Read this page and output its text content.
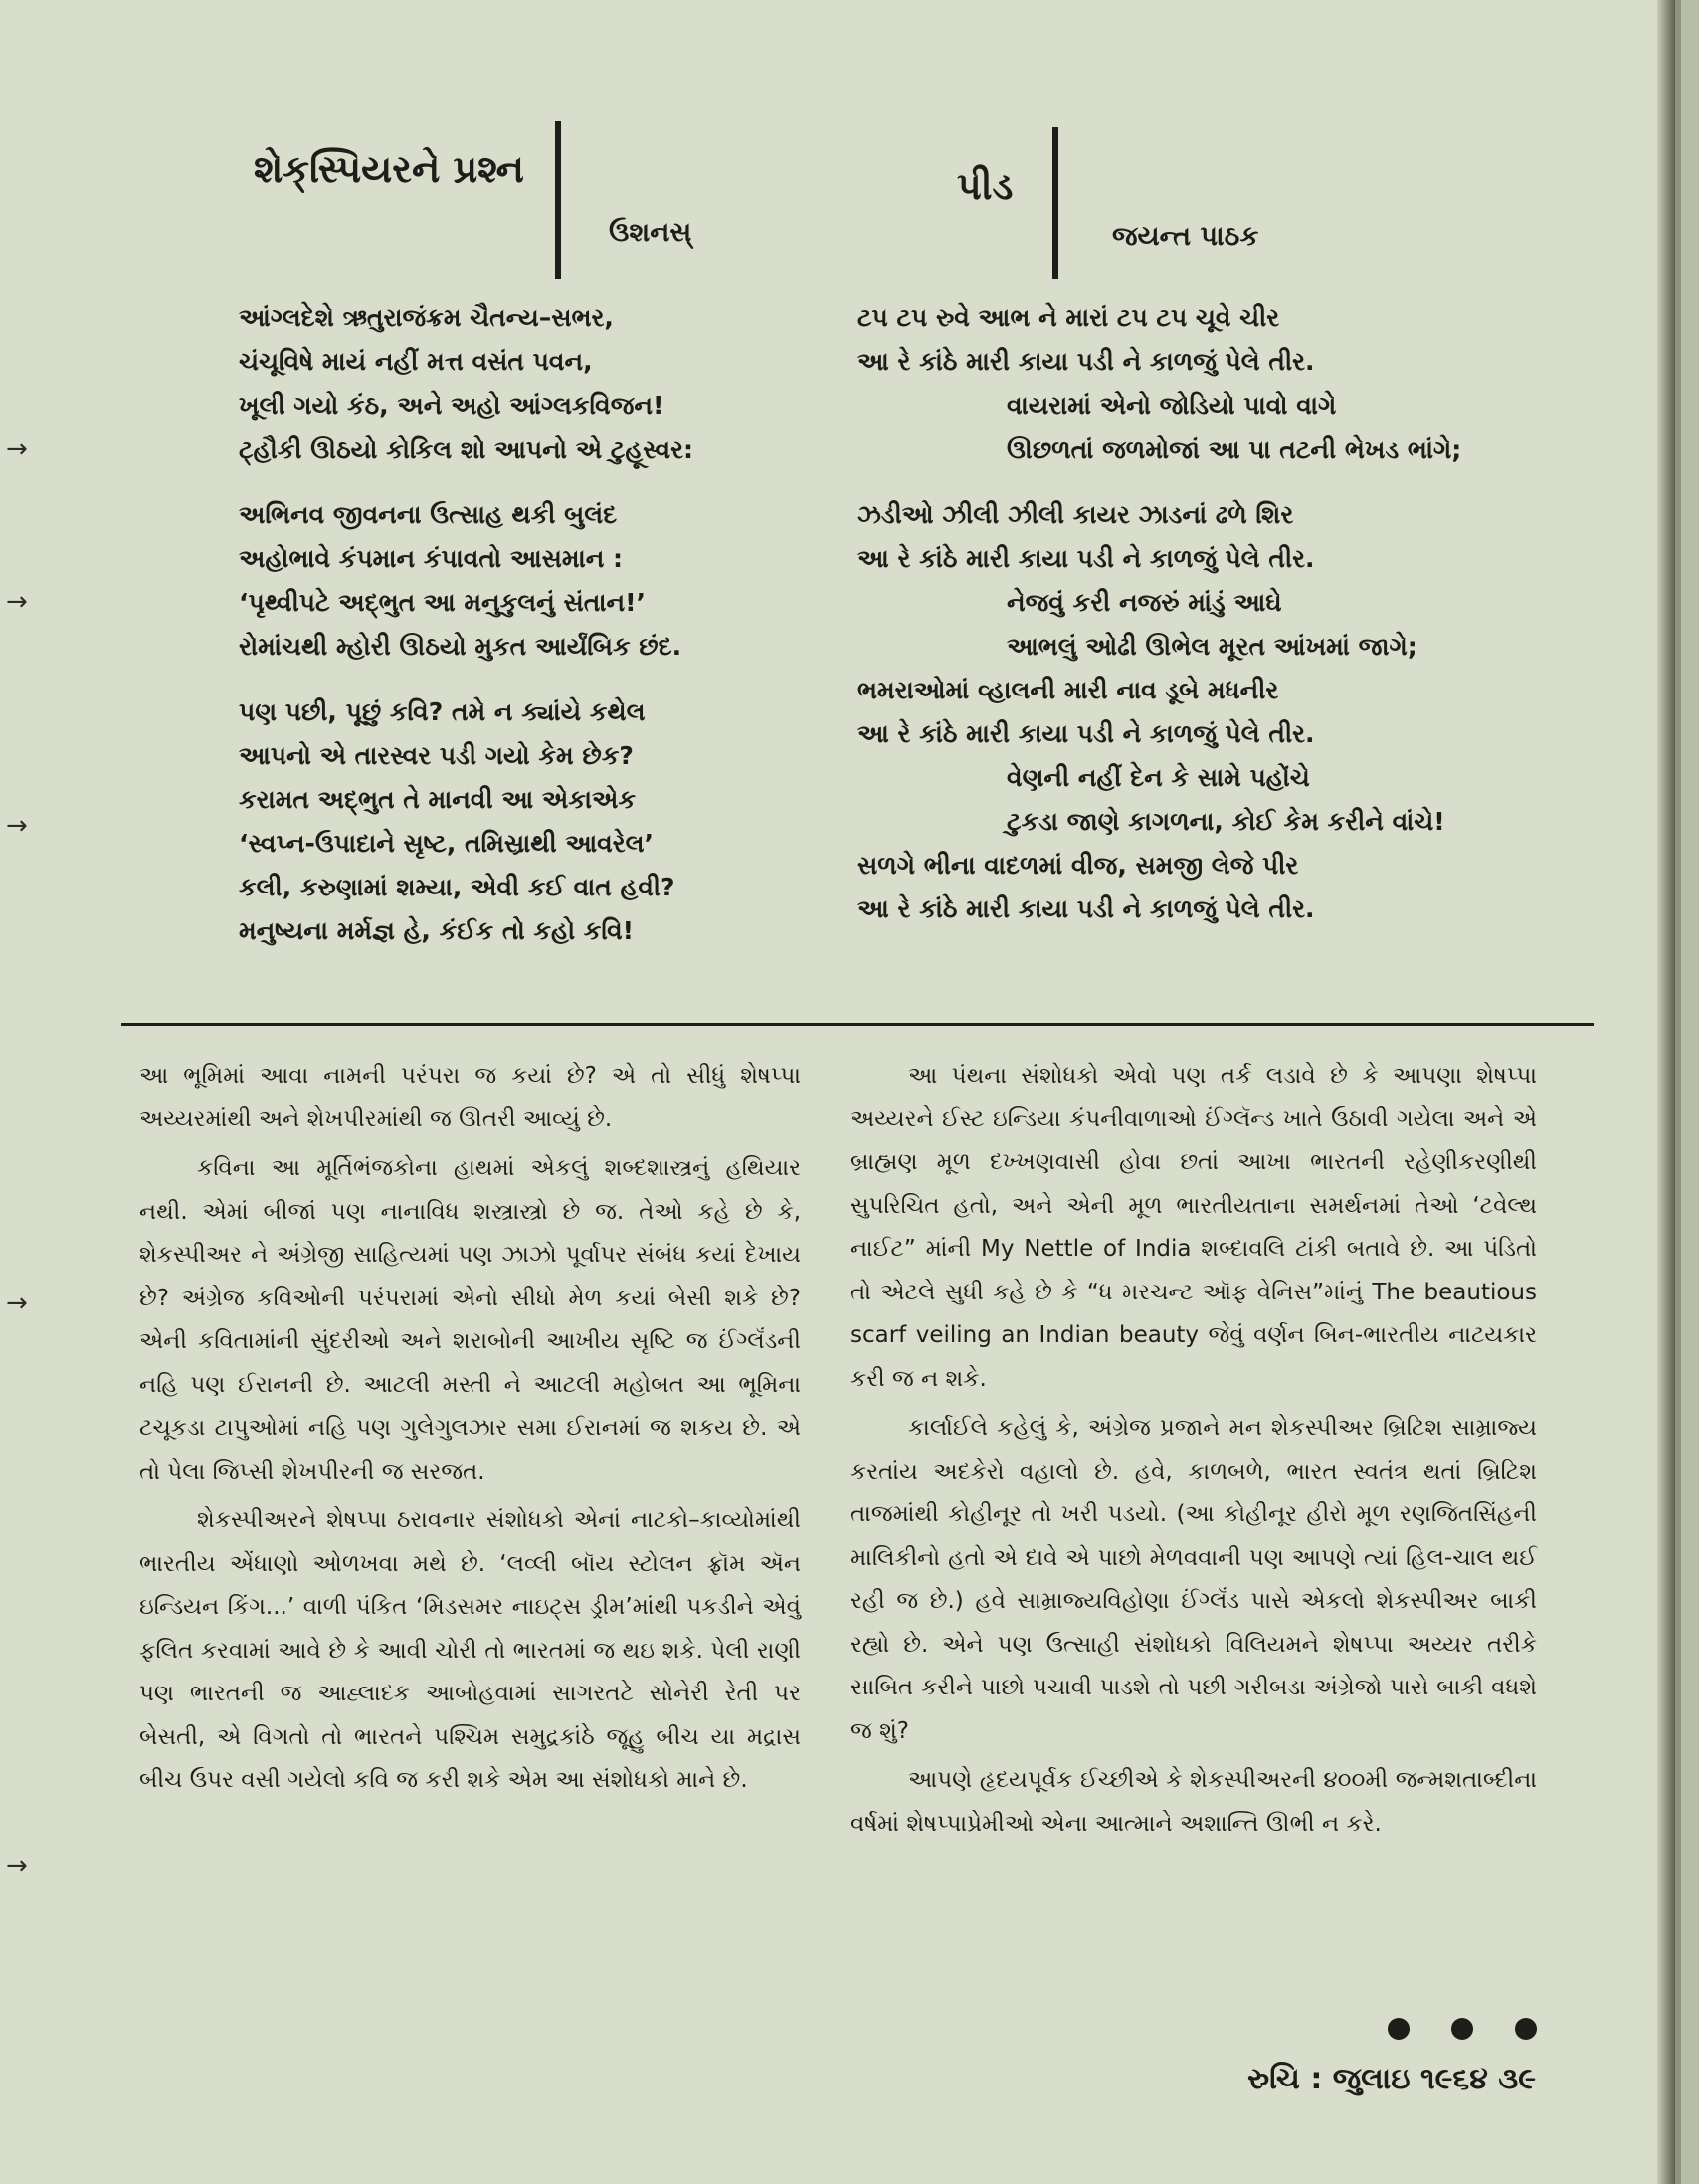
→
→
→
→
→
શેક્‌સ્પિયરને પ્રશ્ન
ઉશનસ્‌
પીડ
જયન્ત પાઠક
આંગ્લદેશે ઋતુરાજંક્રમ ચૈતન્ય–સભર,
ચંચૂવિષે માયં નહીં મત્ત વસંત પવન,
ખૂલી ગયો કંઠ, અને અહો આંગ્લકવિજન!
ટ્હૌકી ઊઠયો કોકિલ શો આપનો એ ટુહૂસ્વર:
અભિનવ જીવનના ઉત્સાહ થકી બુલંદ
અહોભાવે કંપમાન કંપાવતો આસમાન :
‘પૃથ્વીપટે અદ્‌ભુત આ મનુકુલનું સંતાન!’
રોમાંચથી મ્હોરી ઊઠયો મુકત આર્યંબિક છંદ.
પણ પછી, પૂછું કવિ? તમે ન ક્યાંયે કથેલ
આપનો એ તારસ્વર પડી ગયો કેમ છેક?
કરામત અદ્‌ભુત તે માનવી આ એકાએક
‘સ્વપ્ન-ઉપાદાને સૃષ્ટ, તમિસ્રાથી આવરેલ’
કલી, કરુણામાં શમ્યા, એવી કઈ વાત હવી?
મનુષ્યના મર્મજ્ઞ હે, કંઈક તો કહો કવિ!
ટપ ટપ રુવે આભ ને મારાં ટપ ટપ ચૂવે ચીર
આ રે કાંઠે મારી કાયા પડી ને કાળજું પેલે તીર.
વાયરામાં એનો જોડિયો પાવો વાગે
ઊછળતાં જળમોજાં આ પા તટની ભેખડ ભાંગે;
ઝડીઓ ઝીલી ઝીલી કાયર ઝાડનાં ઢળે શિર
આ રે કાંઠે મારી કાયા પડી ને કાળજું પેલે તીર.
નેજવું કરી નજરું માંડું આઘે
આભલું ઓઢી ઊભેલ મૂરત આંખમાં જાગે;
ભમરાઓમાં વ્હાલની મારી નાવ ડૂબે મધનીર
આ રે કાંઠે મારી કાયા પડી ને કાળજું પેલે તીર.
વેણની નહીં દેન કે સામે પહોંચે
ટુકડા જાણે કાગળના, કોઈ કેમ કરીને વાંચે!
સળગે ભીના વાદળમાં વીજ, સમજી લેજે પીર
આ રે કાંઠે મારી કાયા પડી ને કાળજું પેલે તીર.

આ ભૂમિમાં આવા નામની પરંપરા જ કયાં છે? એ તો સીધું શેષપ્પા અય્યરમાંથી અને શેખપીરમાંથી જ ઊતરી આવ્યું છે.

કવિના આ મૂર્તિભંજકોના હાથમાં એકલું શબ્દશાસ્ત્રનું હથિયાર નથી. એમાં બીજાં પણ નાનાવિધ શસ્ત્રાસ્ત્રો છે જ. તેઓ કહે છે કે, શેકસ્પીઅર ને અંગ્રેજી સાહિત્યમાં પણ ઝાઝો પૂર્વાપર સંબંધ કયાં દેખાય છે? અંગ્રેજ કવિઓની પરંપરામાં એનો સીધો મેળ કયાં બેસી શકે છે? એની કવિતામાંની સુંદરીઓ અને શરાબોની આખીય સૃષ્ટિ જ ઈંગ્લૅંડની નહિ પણ ઈરાનની છે. આટલી મસ્તી ને આટલી મહોબત આ ભૂમિના ટચૂકડા ટાપુઓમાં નહિ પણ ગુલેગુલઝાર સમા ઈરાનમાં જ શકય છે. એ તો પેલા જિપ્સી શેખપીરની જ સરજત.

શેકસ્પીઅરને શેષપ્પા ઠરાવનાર સંશોધકો એનાં નાટકો–કાવ્યોમાંથી ભારતીય એંધાણો ઓળખવા મથે છે. ‘લવ્લી બૉય સ્ટોલન ફ્રૉમ ઍન ઇન્ડિયન કિંગ...’ વાળી પંકિત ‘મિડસમર નાઇટ્સ ડ્રીમ’માંથી પકડીને એવું ફલિત કરવામાં આવે છે કે આવી ચોરી તો ભારતમાં જ થઇ શકે. પેલી રાણી પણ ભારતની જ આહ્લાદક આબોહવામાં સાગરતટે સોનેરી રેતી પર બેસતી, એ વિગતો તો ભારતને પશ્ચિમ સમુદ્રકાંઠે જૂહુ બીચ યા મદ્રાસ બીચ ઉપર વસી ગયેલો કવિ જ કરી શકે એમ આ સંશોધકો માને છે.

આ પંથના સંશોધકો એવો પણ તર્ક લડાવે છે કે આપણા શેષપ્પા અય્યરને ઈસ્ટ ઇન્ડિયા કંપનીવાળાઓ ઈંગ્લૅન્ડ ખાતે ઉઠાવી ગયેલા અને એ બ્રાહ્મણ મૂળ દખ્ખણવાસી હોવા છતાં આખા ભારતની રહેણીકરણીથી સુપરિચિત હતો, અને એની મૂળ ભારતીયતાના સમર્થનમાં તેઓ ‘ટવેલ્થ નાઈટ” માંની My Nettle of India શબ્દાવલિ ટાંકી બતાવે છે. આ પંડિતો તો એટલે સુધી કહે છે કે “ધ મરચન્ટ ઑફ વેનિસ”માંનું The beautious scarf veiling an Indian beauty જેવું વર્ણન બિન-ભારતીય નાટયકાર કરી જ ન શકે.

કાર્લાઈલે કહેલું કે, અંગ્રેજ પ્રજાને મન શેકસ્પીઅર બ્રિટિશ સામ્રાજ્ય કરતાંય અદકેરો વહાલો છે. હવે, કાળબળે, ભારત સ્વતંત્ર થતાં બ્રિટિશ તાજમાંથી કોહીનૂર તો ખરી પડયો. (આ કોહીનૂર હીરો મૂળ રણજિતસિંહની માલિકીનો હતો એ દાવે એ પાછો મેળવવાની પણ આપણે ત્યાં હિલ-ચાલ થઈ રહી જ છે.) હવે સામ્રાજ્યવિહોણા ઈંગ્લૅંડ પાસે એકલો શેકસ્પીઅર બાકી રહ્યો છે. એને પણ ઉત્સાહી સંશોધકો વિલિયમને શેષપ્પા અય્યર તરીકે સાબિત કરીને પાછો પચાવી પાડશે તો પછી ગરીબડા અંગ્રેજો પાસે બાકી વધશે જ શું?

આપણે હૃદયપૂર્વક ઈચ્છીએ કે શેકસ્પીઅરની ૪૦૦મી જન્મશતાબ્દીના વર્ષમાં શેષપ્પાપ્રેમીઓ એના આત્માને અશાન્તિ ઊભી ન કરે.

રુચિ : જુલાઇ ૧૯૬૪ ૩૯
